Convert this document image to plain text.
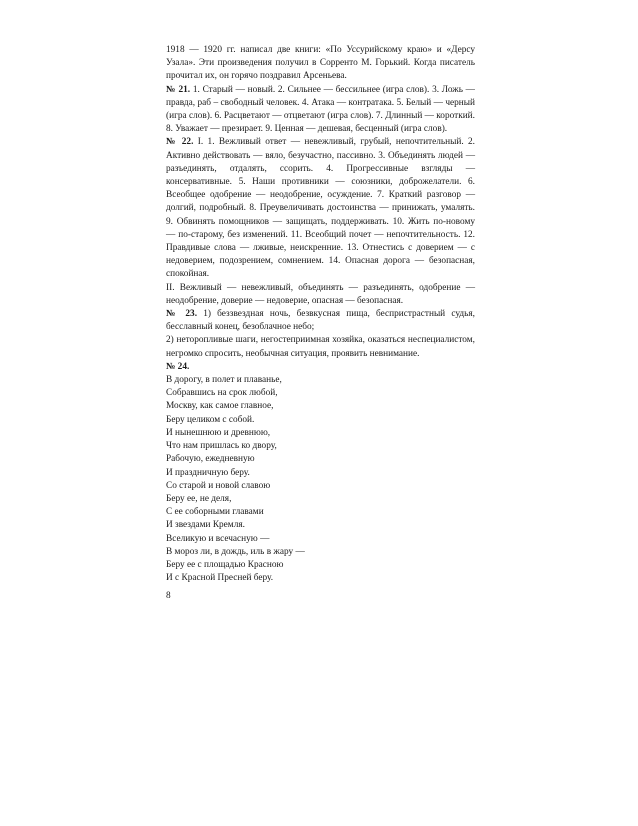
1918 — 1920 гг. написал две книги: «По Уссурийскому краю» и «Дерсу Узала». Эти произведения получил в Сорренто М. Горький. Когда писатель прочитал их, он горячо поздравил Арсеньева.

№ 21. 1. Старый — новый. 2. Сильнее — бессильнее (игра слов). 3. Ложь — правда, раб – свободный человек. 4. Атака — контратака. 5. Белый — черный (игра слов). 6. Расцветают — отцветают (игра слов). 7. Длинный — короткий. 8. Уважает — презирает. 9. Ценная — дешевая, бесценный (игра слов).

№ 22. I. 1. Вежливый ответ — невежливый, грубый, непочтительный. 2. Активно действовать — вяло, безучастно, пассивно. 3. Объединять людей — разъединять, отдалять, ссорить. 4. Прогрессивные взгляды — консервативные. 5. Наши противники — союзники, доброжелатели. 6. Всеобщее одобрение — неодобрение, осуждение. 7. Краткий разговор — долгий, подробный. 8. Преувеличивать достоинства — принижать, умалять. 9. Обвинять помощников — защищать, поддерживать. 10. Жить по-новому — по-старому, без изменений. 11. Всеобщий почет — непочтительность. 12. Правдивые слова — лживые, неискренние. 13. Отнестись с доверием — с недоверием, подозрением, сомнением. 14. Опасная дорога — безопасная, спокойная.

II. Вежливый — невежливый, объединять — разъединять, одобрение — неодобрение, доверие — недоверие, опасная — безопасная.

№ 23. 1) беззвездная ночь, безвкусная пища, беспристрастный судья, бесславный конец, безоблачное небо;

2) неторопливые шаги, негостеприимная хозяйка, оказаться неспециалистом, негромко спросить, необычная ситуация, проявить невнимание.

№ 24.

В дорогу, в полет и плаванье,

Собравшись на срок любой,

Москву, как самое главное,

Беру целиком с собой.

И нынешнюю и древнюю,

Что нам пришлась ко двору,

Рабочую, ежедневную

И праздничную беру.

Со старой и новой славою

Беру ее, не деля,

С ее соборными главами

И звездами Кремля.

Вселикую и всечасную —

В мороз ли, в дождь, иль в жару —

Беру ее с площадью Красною

И с Красной Пресней беру.

8
